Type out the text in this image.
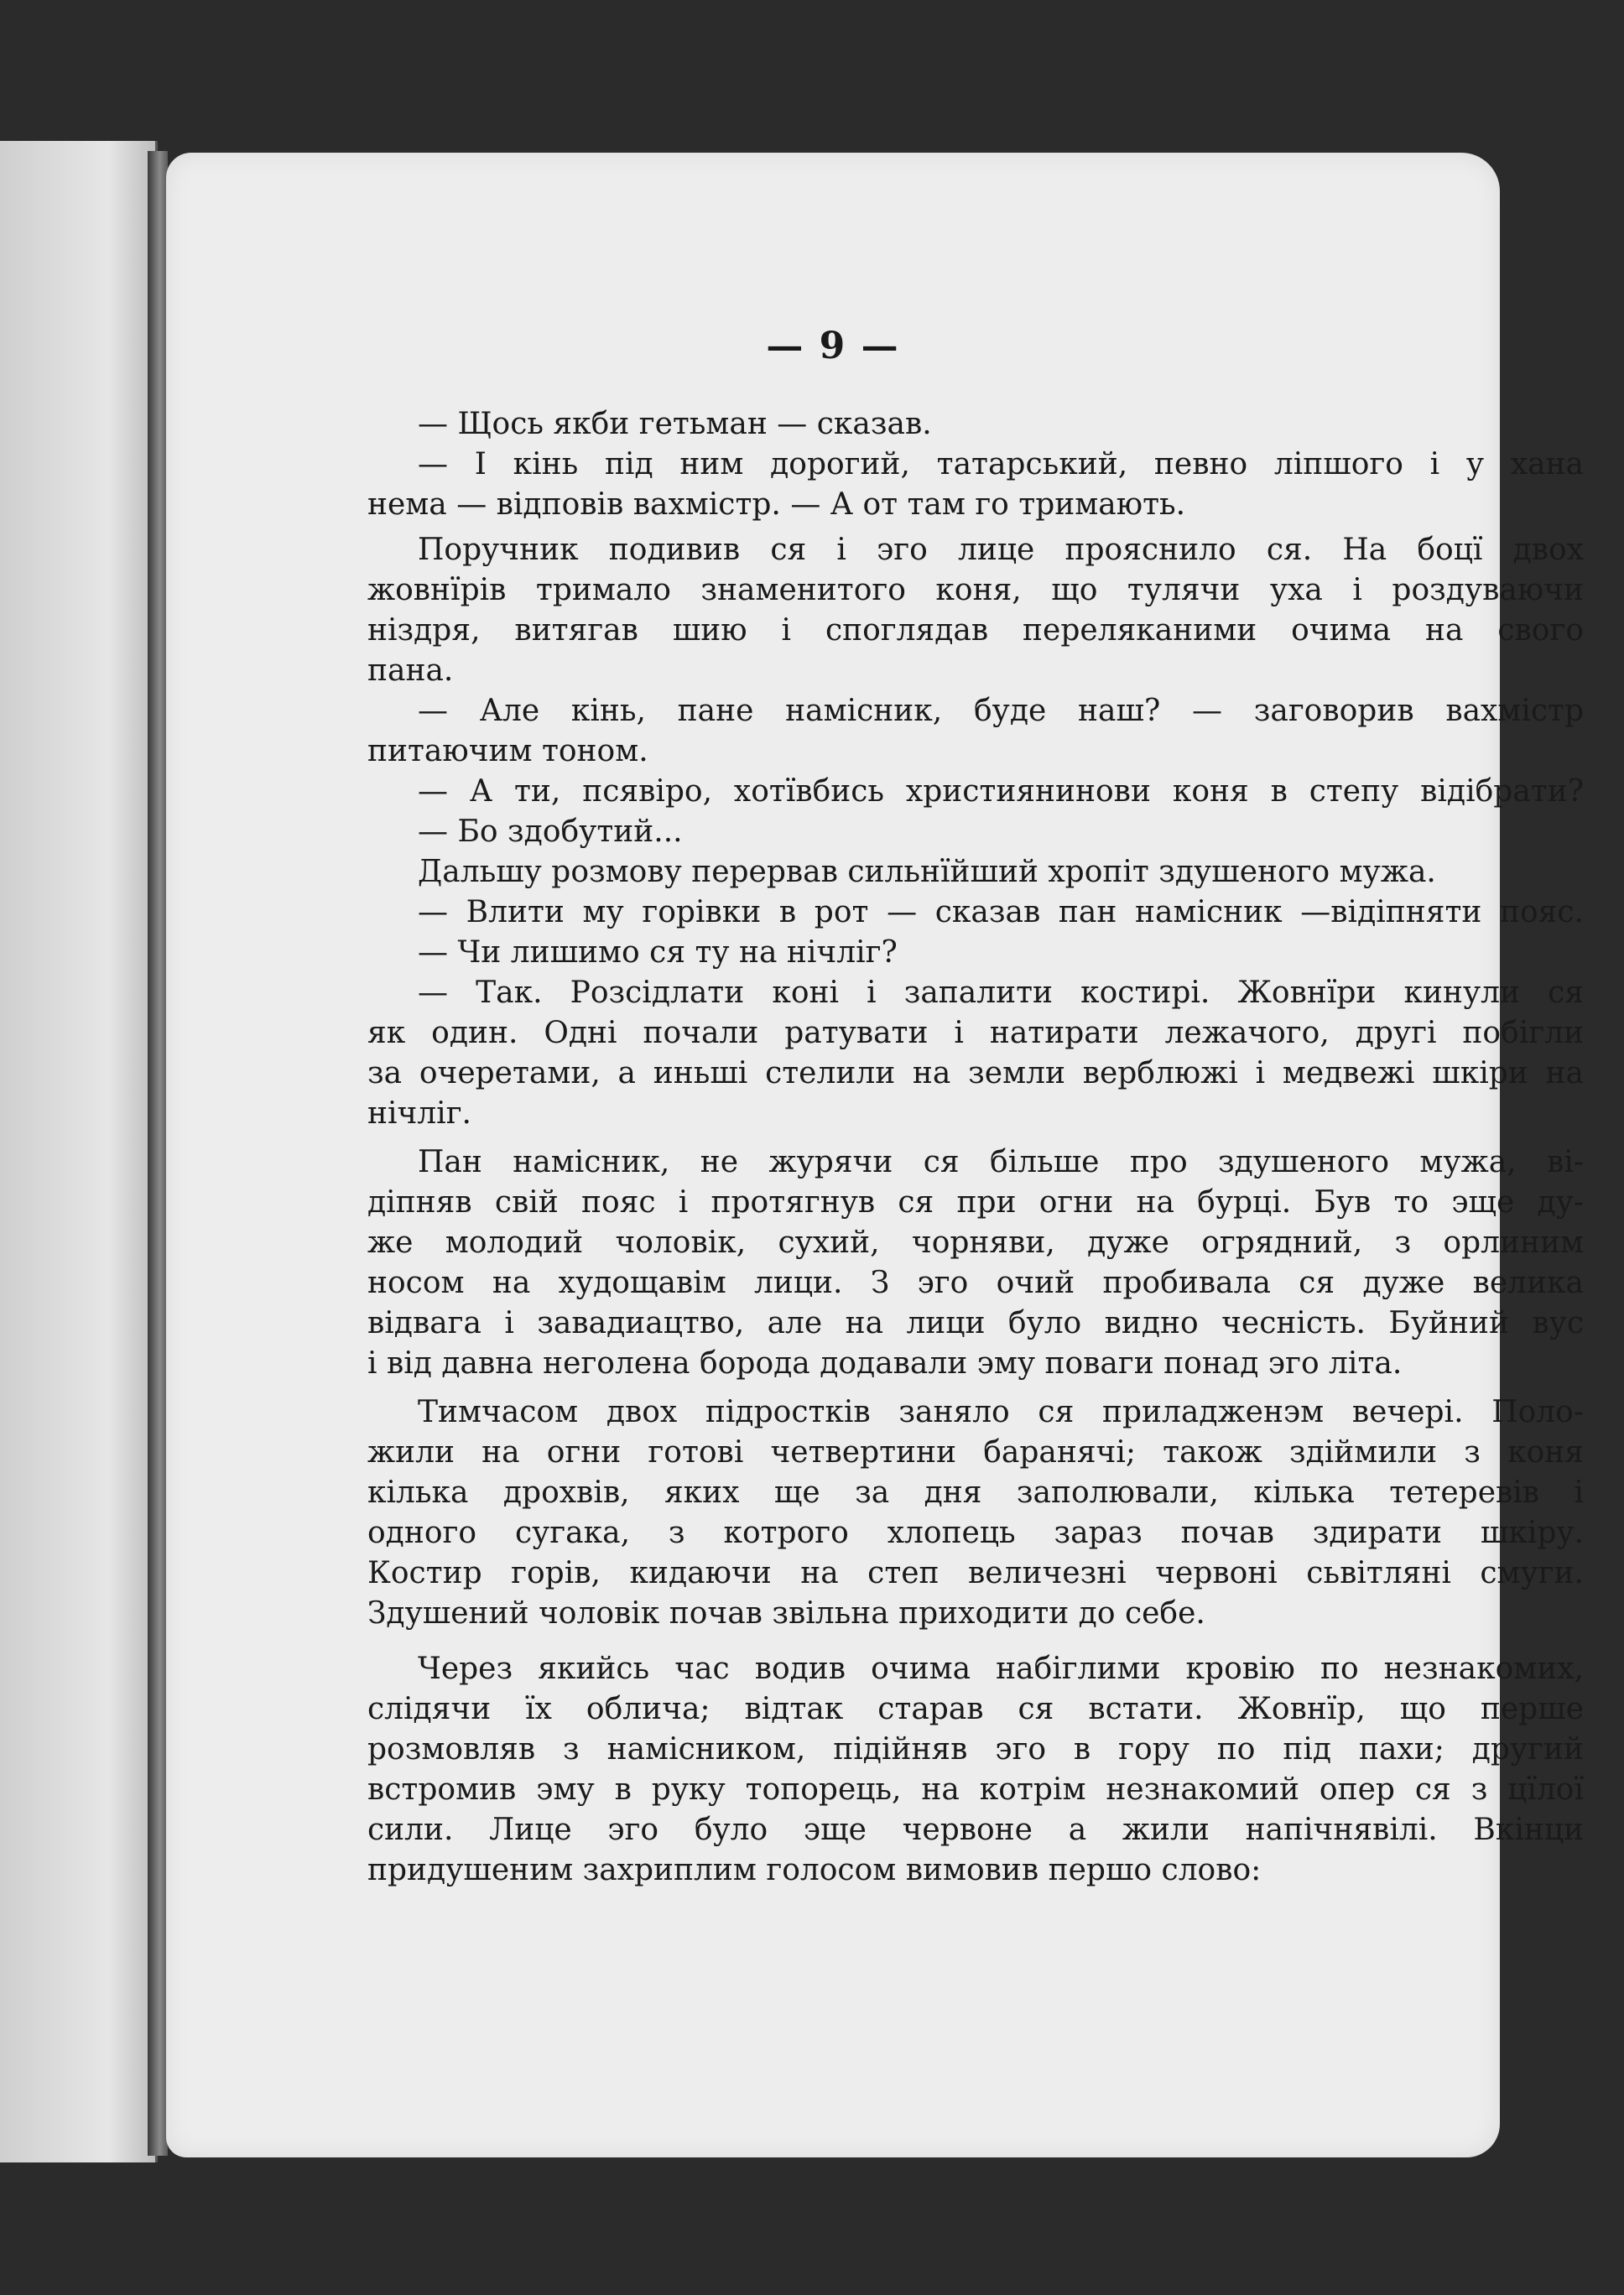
— 9 —
— Щось якби гетьман — сказав.
— І кінь під ним дорогий, татарський, певно ліпшого і у хана
нема — відповів вахмістр. — А от там го тримають.
Поручник подивив ся і эго лице прояснило ся. На боцї двох
жовнїрів тримало знаменитого коня, що тулячи уха і роздуваючи
ніздря, витягав шию і споглядав переляканими очима на свого
пана.
— Але кінь, пане намісник, буде наш? — заговорив вахмістр
питаючим тоном.
— А ти, псявіро, хотївбись християнинови коня в степу відібрати?
— Бо здобутий...
Дальшу розмову перервав сильнїйший хропіт здушеного мужа.
— Влити му горівки в рот — сказав пан намісник —відіпняти пояс.
— Чи лишимо ся ту на нічліг?
— Так. Розсідлати коні і запалити костирі. Жовнїри кинули ся
як один. Одні почали ратувати і натирати лежачого, другі побігли
за очеретами, а иньші стелили на земли верблюжі і медвежі шкіри на
нічліг.
Пан намісник, не журячи ся більше про здушеного мужа, ві-
діпняв свій пояс і протягнув ся при огни на бурці. Був то эще ду-
же молодий чоловік, сухий, чорняви, дуже огрядний, з орлиним
носом на худощавім лици. З эго очий пробивала ся дуже велика
відвага і завадиацтво, але на лици було видно чесність. Буйний вус
і від давна неголена борода додавали эму поваги понад эго літа.
Тимчасом двох підростків заняло ся приладженэм вечері. Поло-
жили на огни готові четвертини баранячі; також здіймили з коня
кілька дрохвів, яких ще за дня заполювали, кілька тетеревів і
одного сугака, з котрого хлопець зараз почав здирати шкіру.
Костир горів, кидаючи на степ величезні червоні сьвітляні смуги.
Здушений чоловік почав звільна приходити до себе.
Через якийсь час водив очима набіглими кровію по незнакомих,
слідячи їх облича; відтак старав ся встати. Жовнїр, що перше
розмовляв з намісником, підійняв эго в гору по під пахи; другий
встромив эму в руку топорець, на котрім незнакомий опер ся з цїлої
сили. Лице эго було эще червоне а жили напічнявілі. Вкінци
придушеним захриплим голосом вимовив першо слово:
